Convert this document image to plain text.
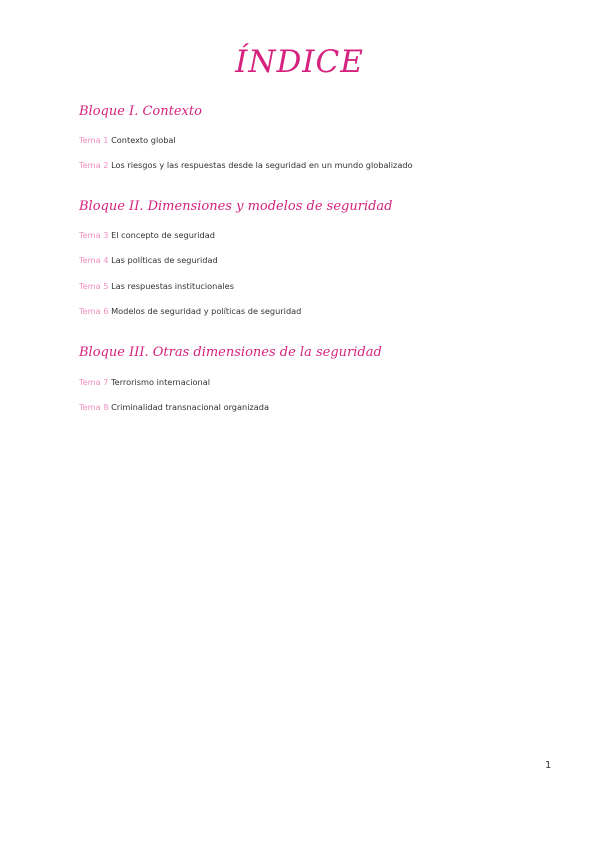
ÍNDICE
Bloque I. Contexto
Tema 1 Contexto global
Tema 2 Los riesgos y las respuestas desde la seguridad en un mundo globalizado
Bloque II. Dimensiones y modelos de seguridad
Tema 3 El concepto de seguridad
Tema 4 Las políticas de seguridad
Tema 5 Las respuestas institucionales
Tema 6 Modelos de seguridad y políticas de seguridad
Bloque III. Otras dimensiones de la seguridad
Tema 7 Terrorismo internacional
Tema 8 Criminalidad transnacional organizada
1
